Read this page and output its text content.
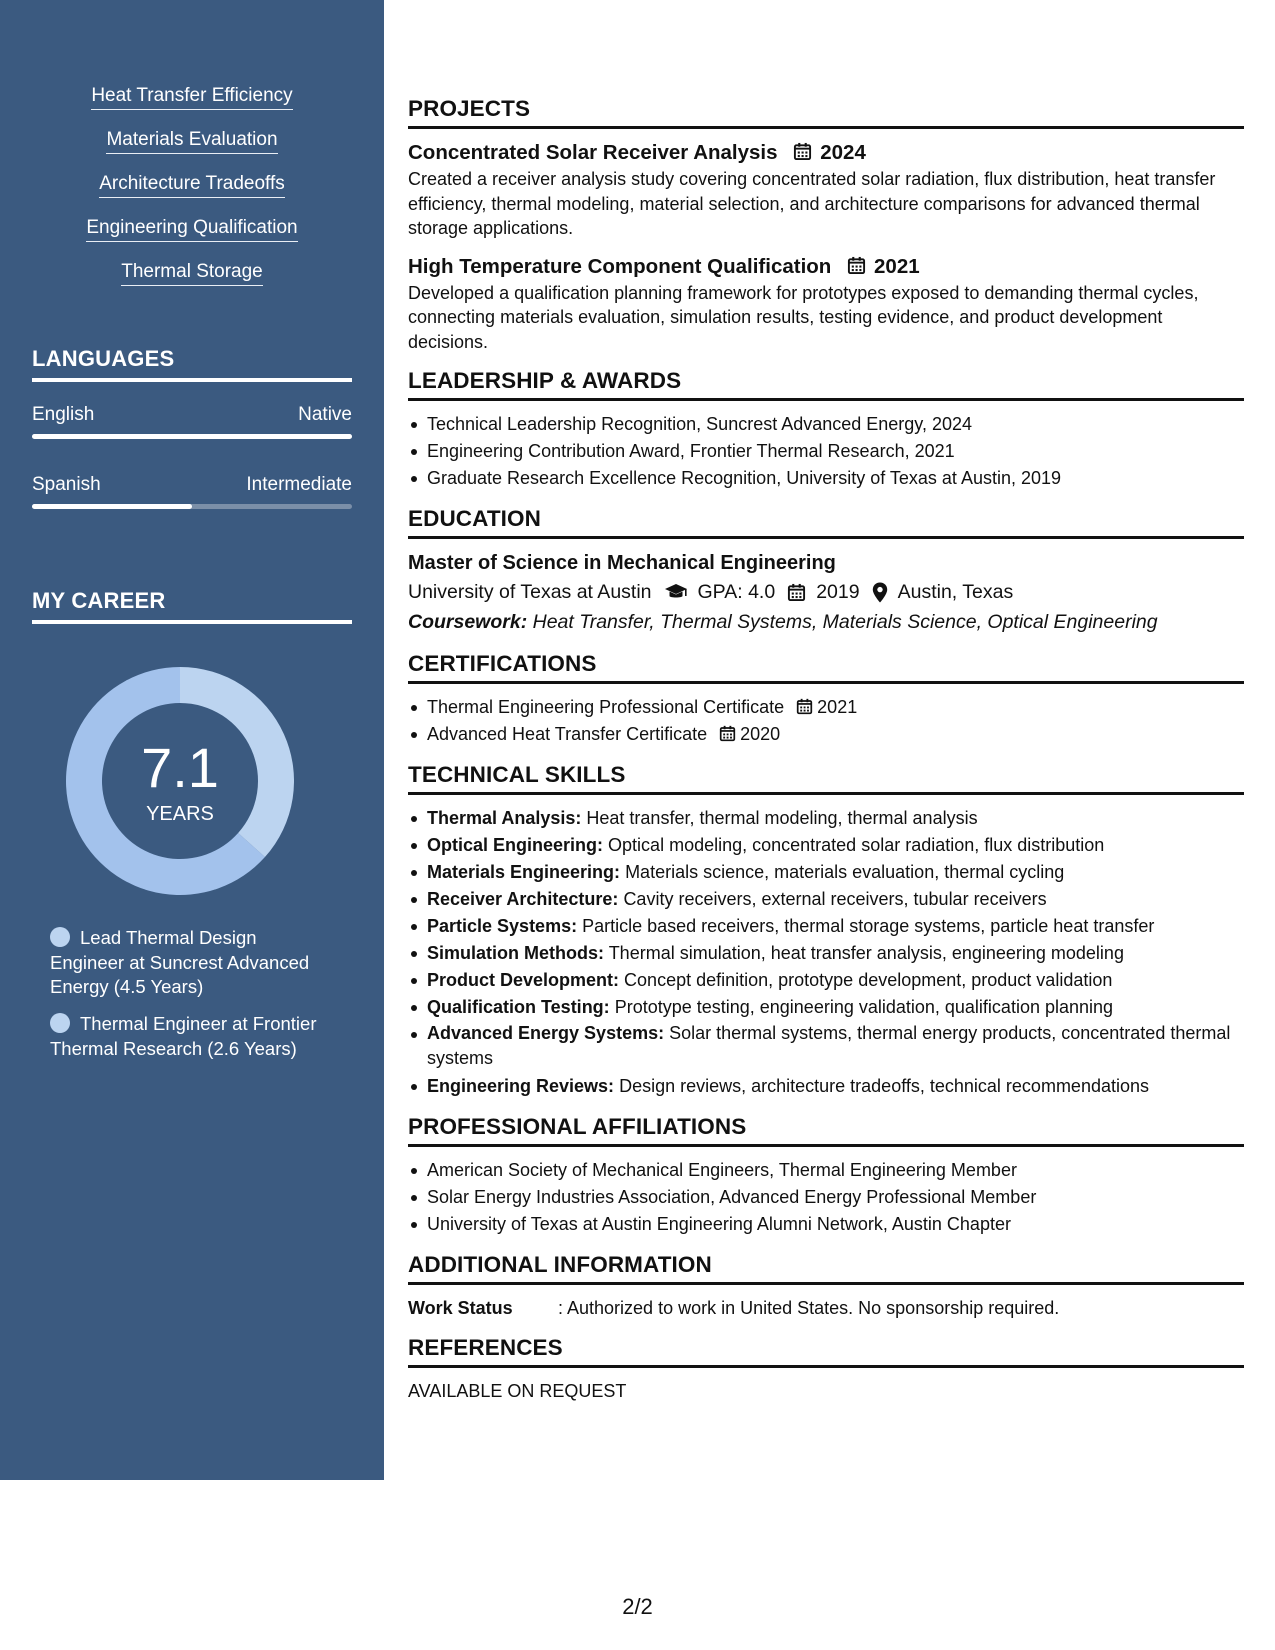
Heat Transfer Efficiency
Materials Evaluation
Architecture Tradeoffs
Engineering Qualification
Thermal Storage
LANGUAGES
English	Native
Spanish	Intermediate
MY CAREER
7.1
YEARS
Lead Thermal Design Engineer at Suncrest Advanced Energy (4.5 Years)
Thermal Engineer at Frontier Thermal Research (2.6 Years)
PROJECTS
Concentrated Solar Receiver Analysis 2024
Created a receiver analysis study covering concentrated solar radiation, flux distribution, heat transfer efficiency, thermal modeling, material selection, and architecture comparisons for advanced thermal storage applications.
High Temperature Component Qualification 2021
Developed a qualification planning framework for prototypes exposed to demanding thermal cycles, connecting materials evaluation, simulation results, testing evidence, and product development decisions.
LEADERSHIP & AWARDS
Technical Leadership Recognition, Suncrest Advanced Energy, 2024
Engineering Contribution Award, Frontier Thermal Research, 2021
Graduate Research Excellence Recognition, University of Texas at Austin, 2019
EDUCATION
Master of Science in Mechanical Engineering
University of Texas at Austin GPA: 4.0 2019 Austin, Texas
Coursework: Heat Transfer, Thermal Systems, Materials Science, Optical Engineering
CERTIFICATIONS
Thermal Engineering Professional Certificate 2021
Advanced Heat Transfer Certificate 2020
TECHNICAL SKILLS
Thermal Analysis: Heat transfer, thermal modeling, thermal analysis
Optical Engineering: Optical modeling, concentrated solar radiation, flux distribution
Materials Engineering: Materials science, materials evaluation, thermal cycling
Receiver Architecture: Cavity receivers, external receivers, tubular receivers
Particle Systems: Particle based receivers, thermal storage systems, particle heat transfer
Simulation Methods: Thermal simulation, heat transfer analysis, engineering modeling
Product Development: Concept definition, prototype development, product validation
Qualification Testing: Prototype testing, engineering validation, qualification planning
Advanced Energy Systems: Solar thermal systems, thermal energy products, concentrated thermal systems
Engineering Reviews: Design reviews, architecture tradeoffs, technical recommendations
PROFESSIONAL AFFILIATIONS
American Society of Mechanical Engineers, Thermal Engineering Member
Solar Energy Industries Association, Advanced Energy Professional Member
University of Texas at Austin Engineering Alumni Network, Austin Chapter
ADDITIONAL INFORMATION
Work Status	: Authorized to work in United States. No sponsorship required.
REFERENCES
AVAILABLE ON REQUEST
2/2
